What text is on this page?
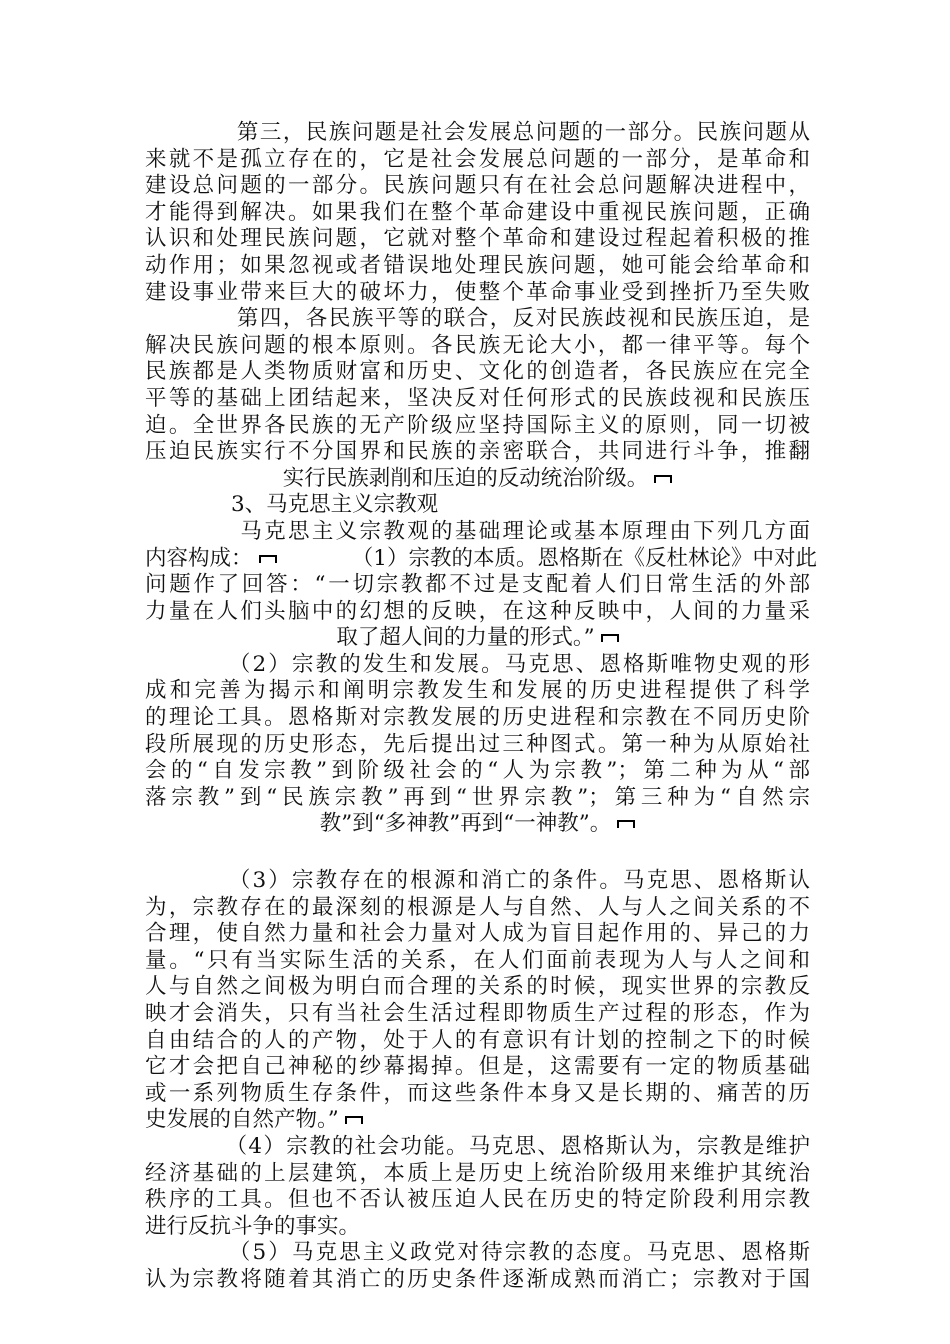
　　　　第三，民族问题是社会发展总问题的一部分。民族问题从
来就不是孤立存在的，它是社会发展总问题的一部分，是革命和
建设总问题的一部分。民族问题只有在社会总问题解决进程中，
才能得到解决。如果我们在整个革命建设中重视民族问题，正确
认识和处理民族问题，它就对整个革命和建设过程起着积极的推
动作用；如果忽视或者错误地处理民族问题，她可能会给革命和
建设事业带来巨大的破坏力，使整个革命事业受到挫折乃至失败
　　　　第四，各民族平等的联合，反对民族歧视和民族压迫，是
解决民族问题的根本原则。各民族无论大小，都一律平等。每个
民族都是人类物质财富和历史、文化的创造者，各民族应在完全
平等的基础上团结起来，坚决反对任何形式的民族歧视和民族压
迫。全世界各民族的无产阶级应坚持国际主义的原则，同一切被
压迫民族实行不分国界和民族的亲密联合，共同进行斗争，推翻
实行民族剥削和压迫的反动统治阶级。
　　　　3、马克思主义宗教观
　　　　马克思主义宗教观的基础理论或基本原理由下列几方面
内容构成：　　　　（1）宗教的本质。恩格斯在《反杜林论》中对此
问题作了回答：“一切宗教都不过是支配着人们日常生活的外部
力量在人们头脑中的幻想的反映，在这种反映中，人间的力量采
取了超人间的力量的形式。”
　　　　（2）宗教的发生和发展。马克思、恩格斯唯物史观的形
成和完善为揭示和阐明宗教发生和发展的历史进程提供了科学
的理论工具。恩格斯对宗教发展的历史进程和宗教在不同历史阶
段所展现的历史形态，先后提出过三种图式。第一种为从原始社
会的“自发宗教”到阶级社会的“人为宗教”；第二种为从“部
落宗教”到“民族宗教”再到“世界宗教”；第三种为“自然宗
教”到“多神教”再到“一神教”。
　　　　（3）宗教存在的根源和消亡的条件。马克思、恩格斯认
为，宗教存在的最深刻的根源是人与自然、人与人之间关系的不
合理，使自然力量和社会力量对人成为盲目起作用的、异己的力
量。“只有当实际生活的关系，在人们面前表现为人与人之间和
人与自然之间极为明白而合理的关系的时候，现实世界的宗教反
映才会消失，只有当社会生活过程即物质生产过程的形态，作为
自由结合的人的产物，处于人的有意识有计划的控制之下的时候
它才会把自己神秘的纱幕揭掉。但是，这需要有一定的物质基础
或一系列物质生存条件，而这些条件本身又是长期的、痛苦的历
史发展的自然产物。”
　　　　（4）宗教的社会功能。马克思、恩格斯认为，宗教是维护
经济基础的上层建筑，本质上是历史上统治阶级用来维护其统治
秩序的工具。但也不否认被压迫人民在历史的特定阶段利用宗教
进行反抗斗争的事实。
　　　　（5）马克思主义政党对待宗教的态度。马克思、恩格斯
认为宗教将随着其消亡的历史条件逐渐成熟而消亡；宗教对于国
